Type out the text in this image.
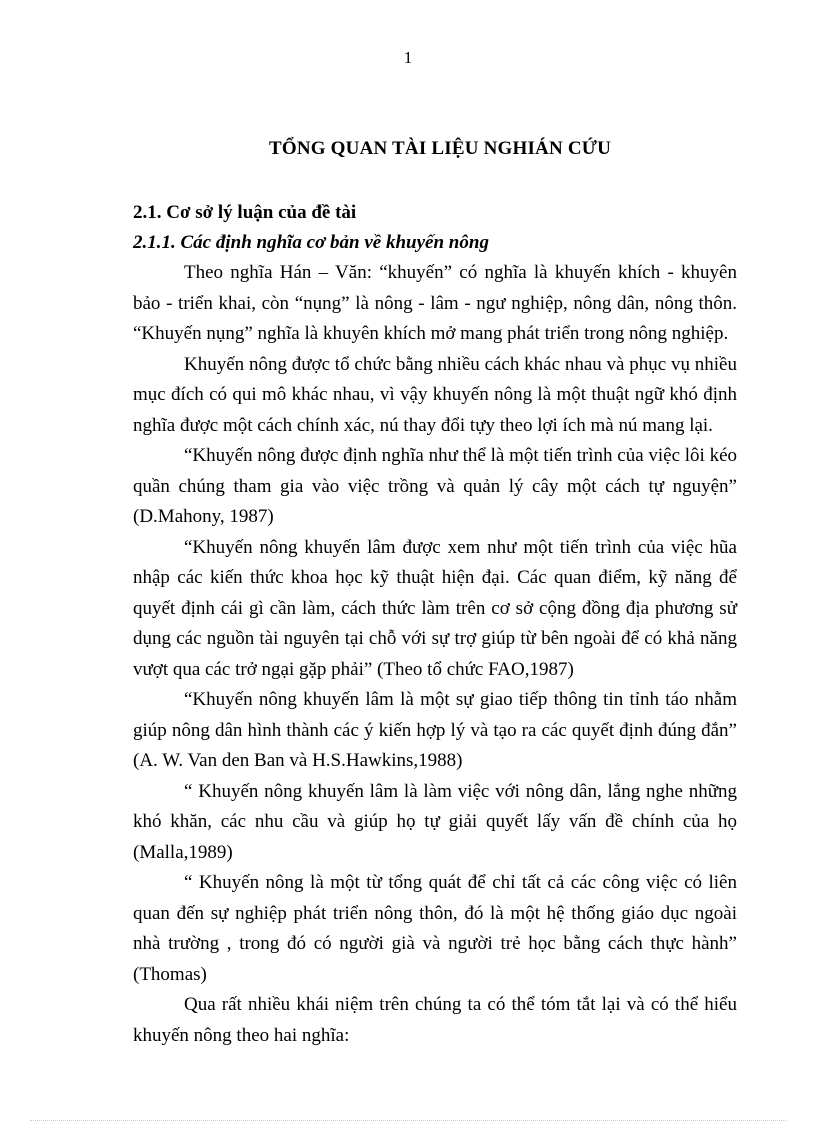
1
TỔNG QUAN TÀI LIỆU NGHIÁN CỨU

2.1. Cơ sở lý luận của đề tài

2.1.1. Các định nghĩa cơ bản về khuyến nông

Theo nghĩa Hán – Văn: “khuyến” có nghĩa là khuyến khích - khuyên bảo - triển khai, còn “nụng” là nông - lâm - ngư nghiệp, nông dân, nông thôn. “Khuyến nụng” nghĩa là khuyên khích mở mang phát triển trong nông nghiệp.

Khuyến nông được tổ chức bằng nhiều cách khác nhau và phục vụ nhiều mục đích có qui mô khác nhau, vì vậy khuyến nông là một thuật ngữ khó định nghĩa được một cách chính xác, nú thay đổi tựy theo lợi ích mà nú mang lại.

“Khuyến nông được định nghĩa như thể là một tiến trình của việc lôi kéo quần chúng tham gia vào việc trồng và quản lý cây một cách tự nguyện” (D.Mahony, 1987)

“Khuyến nông khuyến lâm được xem như một tiến trình của việc hũa nhập các kiến thức khoa học kỹ thuật hiện đại. Các quan điểm, kỹ năng để quyết định cái gì cần làm, cách thức làm trên cơ sở cộng đồng địa phương sử dụng các nguồn tài nguyên tại chỗ với sự trợ giúp từ bên ngoài để có khả năng vượt qua các trở ngại gặp phải” (Theo tổ chức FAO,1987)

“Khuyến nông khuyến lâm là một sự giao tiếp thông tin tỉnh táo nhằm giúp nông dân hình thành các ý kiến hợp lý và tạo ra các quyết định đúng đắn” (A. W. Van den Ban và H.S.Hawkins,1988)

“ Khuyến nông khuyến lâm là làm việc với nông dân, lắng nghe những khó khăn, các nhu cầu và giúp họ tự giải quyết lấy vấn đề chính của họ (Malla,1989)

“ Khuyến nông là một từ tổng quát để chỉ tất cả các công việc có liên quan đến sự nghiệp phát triển nông thôn, đó là một hệ thống giáo dục ngoài nhà trường , trong đó có người già và người trẻ học bằng cách thực hành” (Thomas)

Qua rất nhiều khái niệm trên chúng ta có thể tóm tắt lại và có thể hiểu khuyến nông theo hai nghĩa:
